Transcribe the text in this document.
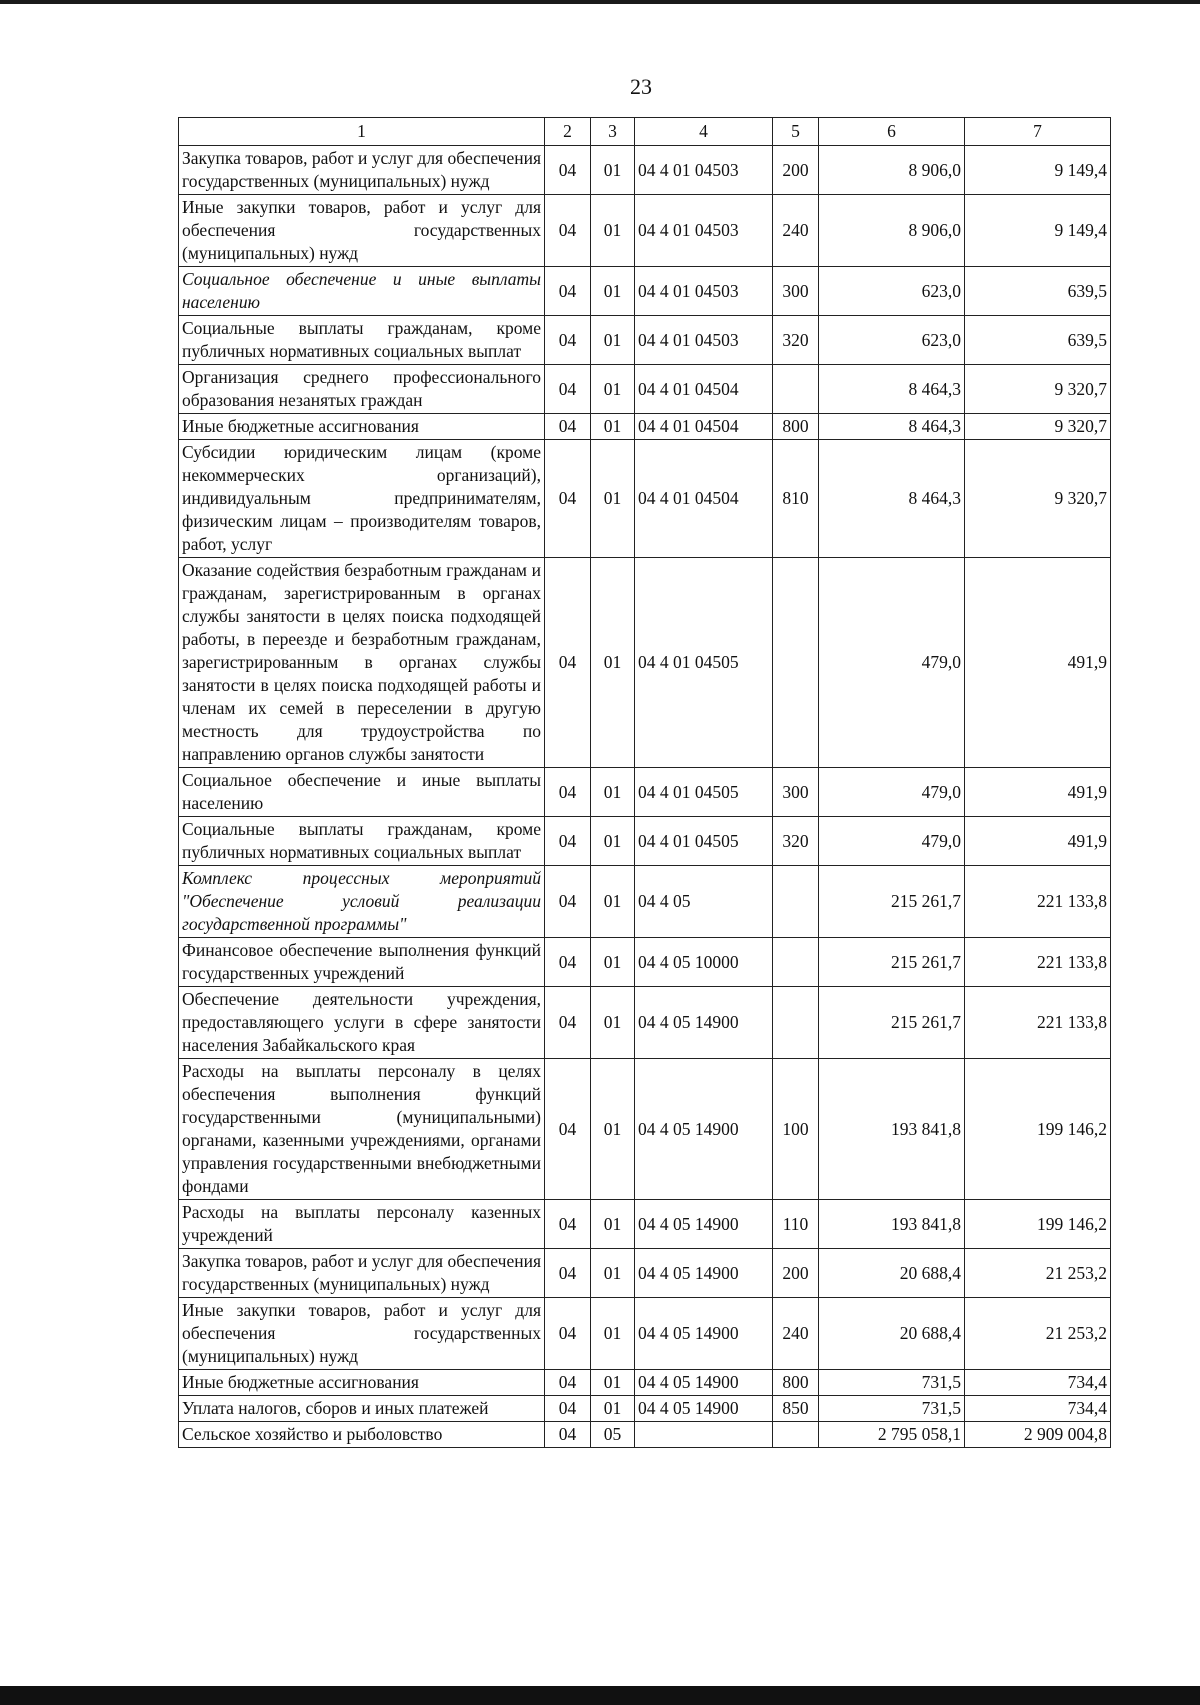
23
1	2	3	4	5	6	7
Закупка товаров, работ и услуг для обеспечения государственных (муниципальных) нужд	04	01	04 4 01 04503	200	8 906,0	9 149,4
Иные закупки товаров, работ и услуг для обеспечения государственных (муниципальных) нужд	04	01	04 4 01 04503	240	8 906,0	9 149,4
Социальное обеспечение и иные выплаты населению	04	01	04 4 01 04503	300	623,0	639,5
Социальные выплаты гражданам, кроме публичных нормативных социальных выплат	04	01	04 4 01 04503	320	623,0	639,5
Организация среднего профессионального образования незанятых граждан	04	01	04 4 01 04504		8 464,3	9 320,7
Иные бюджетные ассигнования	04	01	04 4 01 04504	800	8 464,3	9 320,7
Субсидии юридическим лицам (кроме некоммерческих организаций), индивидуальным предпринимателям, физическим лицам – производителям товаров, работ, услуг	04	01	04 4 01 04504	810	8 464,3	9 320,7
Оказание содействия безработным гражданам и гражданам, зарегистрированным в органах службы занятости в целях поиска подходящей работы, в переезде и безработным гражданам, зарегистрированным в органах службы занятости в целях поиска подходящей работы и членам их семей в переселении в другую местность для трудоустройства по направлению органов службы занятости	04	01	04 4 01 04505		479,0	491,9
Социальное обеспечение и иные выплаты населению	04	01	04 4 01 04505	300	479,0	491,9
Социальные выплаты гражданам, кроме публичных нормативных социальных выплат	04	01	04 4 01 04505	320	479,0	491,9
Комплекс процессных мероприятий "Обеспечение условий реализации государственной программы"	04	01	04 4 05		215 261,7	221 133,8
Финансовое обеспечение выполнения функций государственных учреждений	04	01	04 4 05 10000		215 261,7	221 133,8
Обеспечение деятельности учреждения, предоставляющего услуги в сфере занятости населения Забайкальского края	04	01	04 4 05 14900		215 261,7	221 133,8
Расходы на выплаты персоналу в целях обеспечения выполнения функций государственными (муниципальными) органами, казенными учреждениями, органами управления государственными внебюджетными фондами	04	01	04 4 05 14900	100	193 841,8	199 146,2
Расходы на выплаты персоналу казенных учреждений	04	01	04 4 05 14900	110	193 841,8	199 146,2
Закупка товаров, работ и услуг для обеспечения государственных (муниципальных) нужд	04	01	04 4 05 14900	200	20 688,4	21 253,2
Иные закупки товаров, работ и услуг для обеспечения государственных (муниципальных) нужд	04	01	04 4 05 14900	240	20 688,4	21 253,2
Иные бюджетные ассигнования	04	01	04 4 05 14900	800	731,5	734,4
Уплата налогов, сборов и иных платежей	04	01	04 4 05 14900	850	731,5	734,4
Сельское хозяйство и рыболовство	04	05			2 795 058,1	2 909 004,8
